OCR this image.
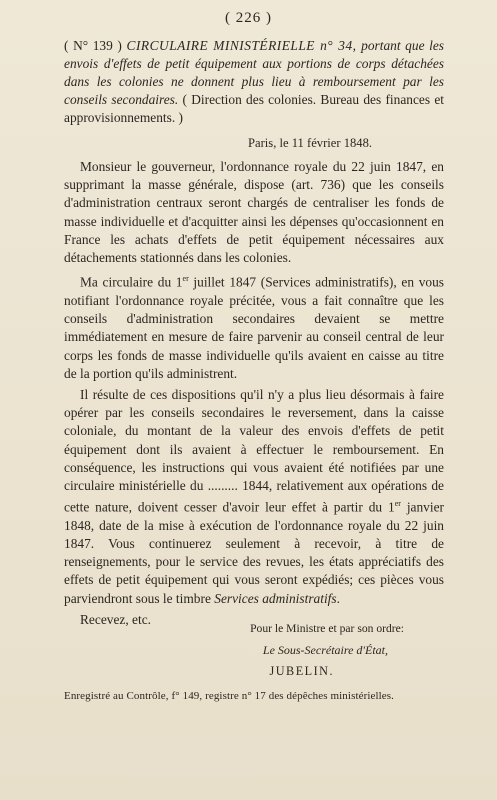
( 226 )
( N° 139 ) CIRCULAIRE MINISTÉRIELLE n° 34, portant que les envois d'effets de petit équipement aux portions de corps détachées dans les colonies ne donnent plus lieu à remboursement par les conseils secondaires. ( Direction des colonies. Bureau des finances et approvisionnements. )
Paris, le 11 février 1848.

Monsieur le gouverneur, l'ordonnance royale du 22 juin 1847, en supprimant la masse générale, dispose (art. 736) que les conseils d'administration centraux seront chargés de centraliser les fonds de masse individuelle et d'acquitter ainsi les dépenses qu'occasionnent en France les achats d'effets de petit équipement nécessaires aux détachements stationnés dans les colonies.

Ma circulaire du 1er juillet 1847 (Services administratifs), en vous notifiant l'ordonnance royale précitée, vous a fait connaître que les conseils d'administration secondaires devaient se mettre immédiatement en mesure de faire parvenir au conseil central de leur corps les fonds de masse individuelle qu'ils avaient en caisse au titre de la portion qu'ils administrent.

Il résulte de ces dispositions qu'il n'y a plus lieu désormais à faire opérer par les conseils secondaires le reversement, dans la caisse coloniale, du montant de la valeur des envois d'effets de petit équipement dont ils avaient à effectuer le remboursement. En conséquence, les instructions qui vous avaient été notifiées par une circulaire ministérielle du ......... 1844, relativement aux opérations de cette nature, doivent cesser d'avoir leur effet à partir du 1er janvier 1848, date de la mise à exécution de l'ordonnance royale du 22 juin 1847. Vous continuerez seulement à recevoir, à titre de renseignements, pour le service des revues, les états appréciatifs des effets de petit équipement qui vous seront expédiés; ces pièces vous parviendront sous le timbre Services administratifs.

Recevez, etc.

Pour le Ministre et par son ordre:
Le Sous-Secrétaire d'État,
JUBELIN.
Enregistré au Contrôle, f° 149, registre n° 17 des dépêches ministérielles.
